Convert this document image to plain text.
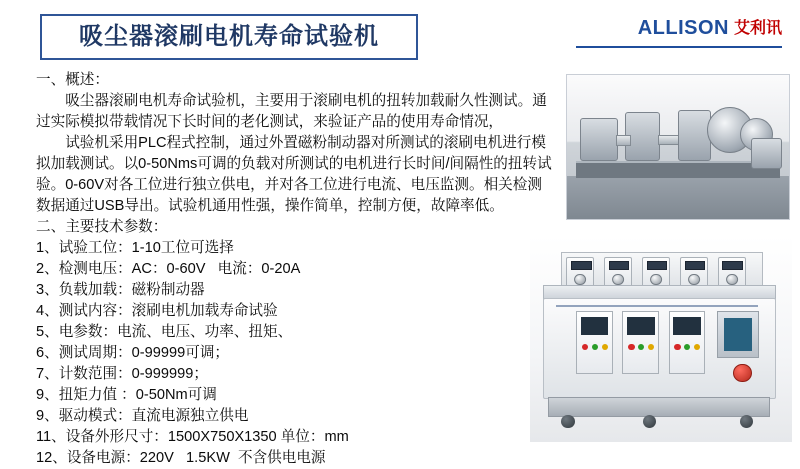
吸尘器滚刷电机寿命试验机	ALLISON 艾利讯

一、概述：

吸尘器滚刷电机寿命试验机，主要用于滚刷电机的扭转加载耐久性测试。通过实际模拟带载情况下长时间的老化测试，来验证产品的使用寿命情况，

试验机采用PLC程式控制，通过外置磁粉制动器对所测试的滚刷电机进行模拟加载测试。以0-50Nms可调的负载对所测试的电机进行长时间/间隔性的扭转试验。0-60V对各工位进行独立供电，并对各工位进行电流、电压监测。相关检测数据通过USB导出。试验机通用性强，操作简单，控制方便，故障率低。

二、主要技术参数：

1、试验工位：1-10工位可选择

2、检测电压：AC：0-60V   电流：0-20A

3、负载加载：磁粉制动器

4、测试内容：滚刷电机加载寿命试验

5、电参数：电流、电压、功率、扭矩、

6、测试周期：0-99999可调；

7、计数范围：0-999999；

9、扭矩力值 ：0-50Nm可调

9、驱动模式：直流电源独立供电

11、设备外形尺寸：1500X750X1350 单位：mm

12、设备电源：220V   1.5KW  不含供电电源
